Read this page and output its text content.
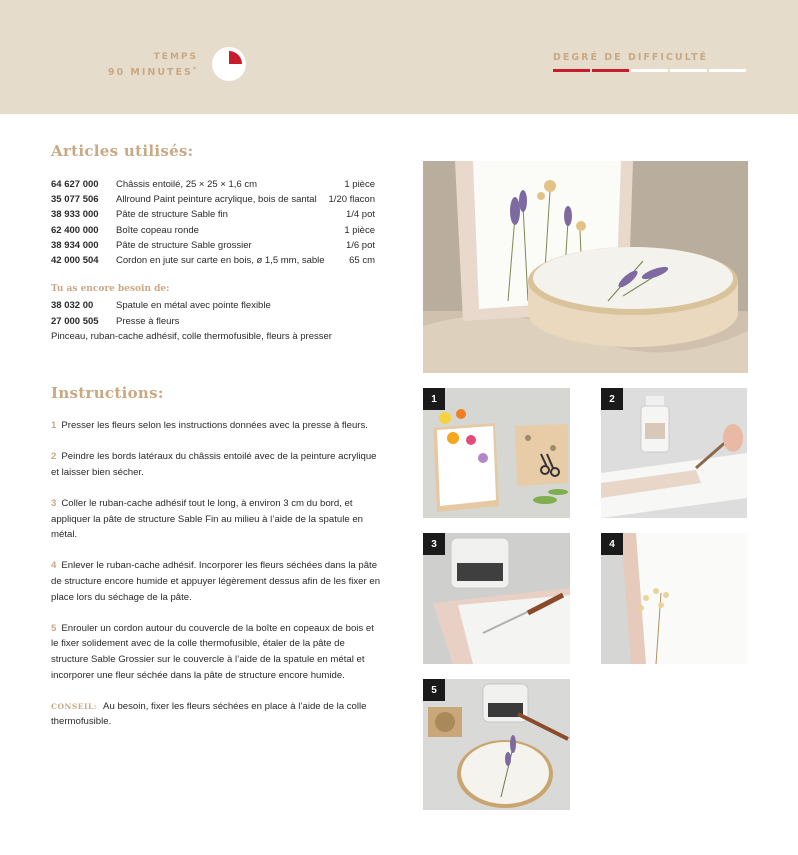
TEMPS
90 MINUTES*
DEGRÉ DE DIFFICULTÉ
Articles utilisés:
64 627 000	Châssis entoilé, 25 × 25 × 1,6 cm	1 pièce
35 077 506	Allround Paint peinture acrylique, bois de santal	1/20 flacon
38 933 000	Pâte de structure Sable fin	1/4 pot
62 400 000	Boîte copeau ronde	1 pièce
38 934 000	Pâte de structure Sable grossier	1/6 pot
42 000 504	Cordon en jute sur carte en bois, ø 1,5 mm, sable	65 cm
Tu as encore besoin de:
38 032 00	Spatule en métal avec pointe flexible
27 000 505	Presse à fleurs
Pinceau, ruban-cache adhésif, colle thermofusible, fleurs à presser
Instructions:
1 Presser les fleurs selon les instructions données avec la presse à fleurs.
2 Peindre les bords latéraux du châssis entoilé avec de la peinture acrylique et laisser bien sécher.
3 Coller le ruban-cache adhésif tout le long, à environ 3 cm du bord, et appliquer la pâte de structure Sable Fin au milieu à l’aide de la spatule en métal.
4 Enlever le ruban-cache adhésif. Incorporer les fleurs séchées dans la pâte de structure encore humide et appuyer légèrement dessus afin de les fixer en place lors du séchage de la pâte.
5 Enrouler un cordon autour du couvercle de la boîte en copeaux de bois et le fixer solidement avec de la colle thermofusible, étaler de la pâte de structure Sable Grossier sur le couvercle à l’aide de la spatule en métal et incorporer une fleur séchée dans la pâte de structure encore humide.
CONSEIL: Au besoin, fixer les fleurs séchées en place à l’aide de la colle thermofusible.
1	2
3	4
5
